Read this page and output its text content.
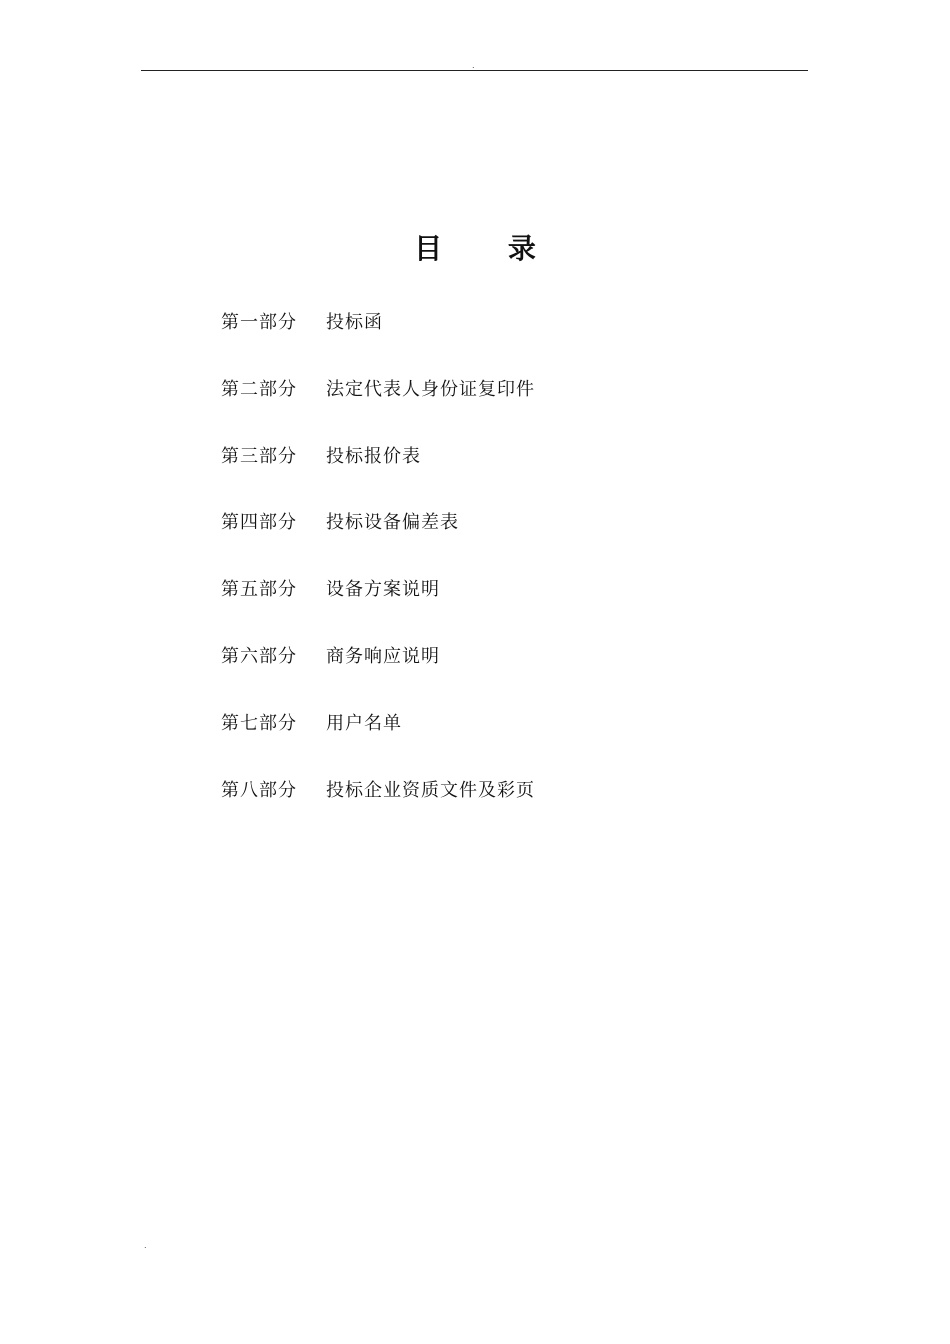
.
目 录
第一部分	投标函
第二部分	法定代表人身份证复印件
第三部分	投标报价表
第四部分	投标设备偏差表
第五部分	设备方案说明
第六部分	商务响应说明
第七部分	用户名单
第八部分	投标企业资质文件及彩页
.
